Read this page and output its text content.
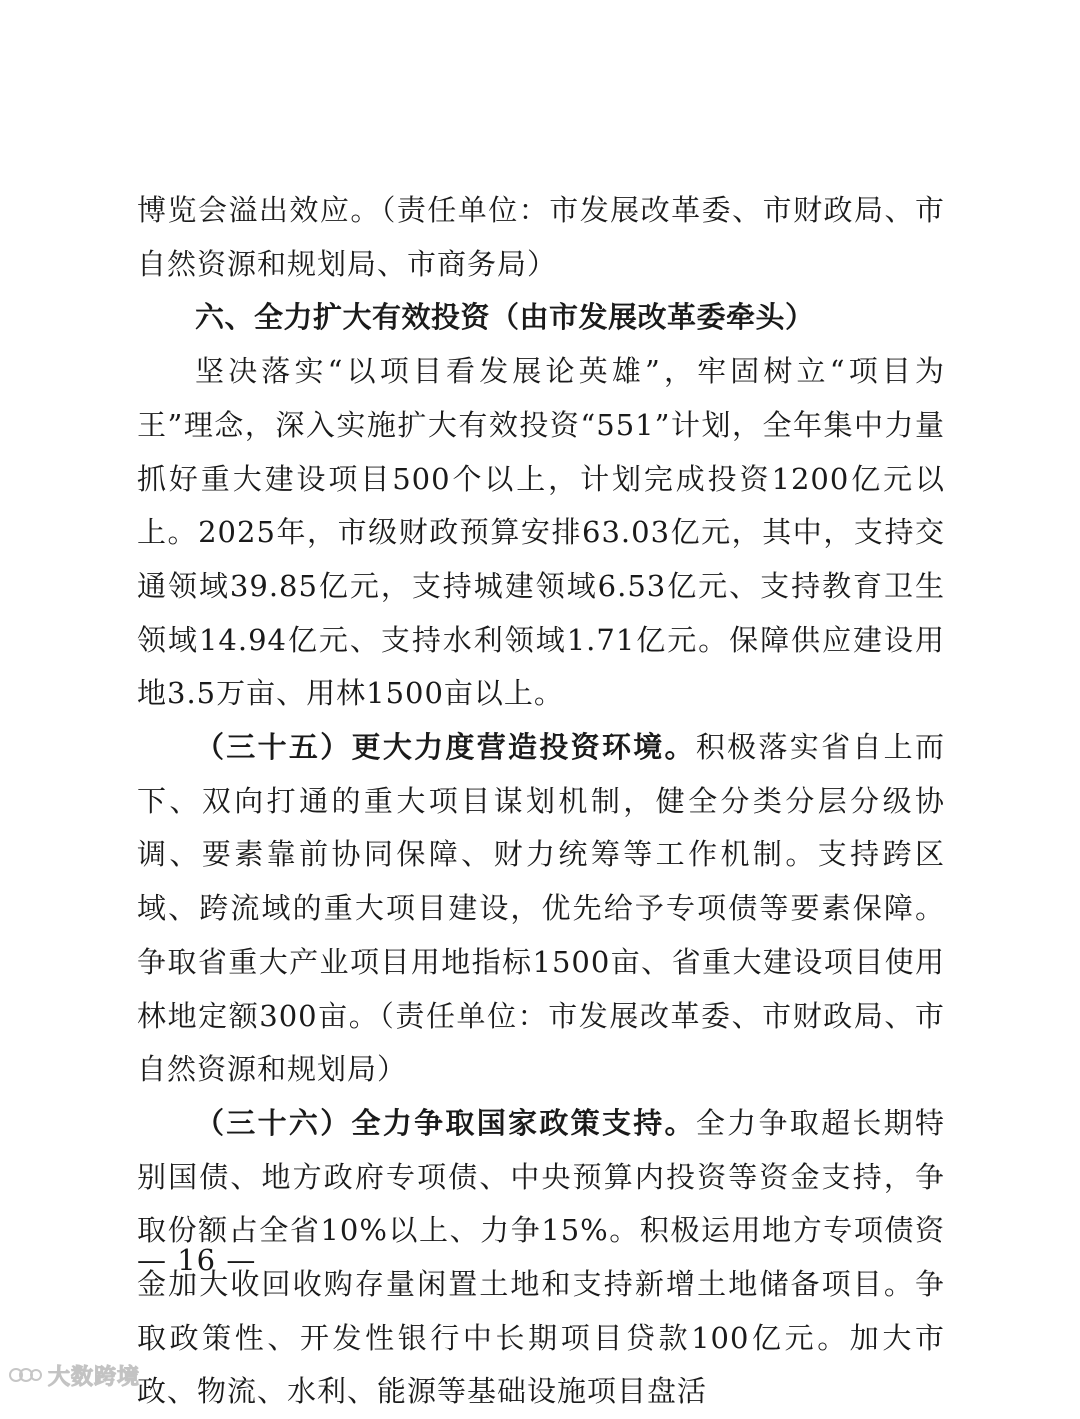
博览会溢出效应。（责任单位：市发展改革委、市财政局、市自然资源和规划局、市商务局）

六、全力扩大有效投资（由市发展改革委牵头）

坚决落实“以项目看发展论英雄”，牢固树立“项目为王”理念，深入实施扩大有效投资“551”计划，全年集中力量抓好重大建设项目500个以上，计划完成投资1200亿元以上。2025年，市级财政预算安排63.03亿元，其中，支持交通领域39.85亿元，支持城建领域6.53亿元、支持教育卫生领域14.94亿元、支持水利领域1.71亿元。保障供应建设用地3.5万亩、用林1500亩以上。

（三十五）更大力度营造投资环境。积极落实省自上而下、双向打通的重大项目谋划机制，健全分类分层分级协调、要素靠前协同保障、财力统筹等工作机制。支持跨区域、跨流域的重大项目建设，优先给予专项债等要素保障。争取省重大产业项目用地指标1500亩、省重大建设项目使用林地定额300亩。（责任单位：市发展改革委、市财政局、市自然资源和规划局）

（三十六）全力争取国家政策支持。全力争取超长期特别国债、地方政府专项债、中央预算内投资等资金支持，争取份额占全省10%以上、力争15%。积极运用地方专项债资金加大收回收购存量闲置土地和支持新增土地储备项目。争取政策性、开发性银行中长期项目贷款100亿元。加大市政、物流、水利、能源等基础设施项目盘活

— 16 —
大数跨境
